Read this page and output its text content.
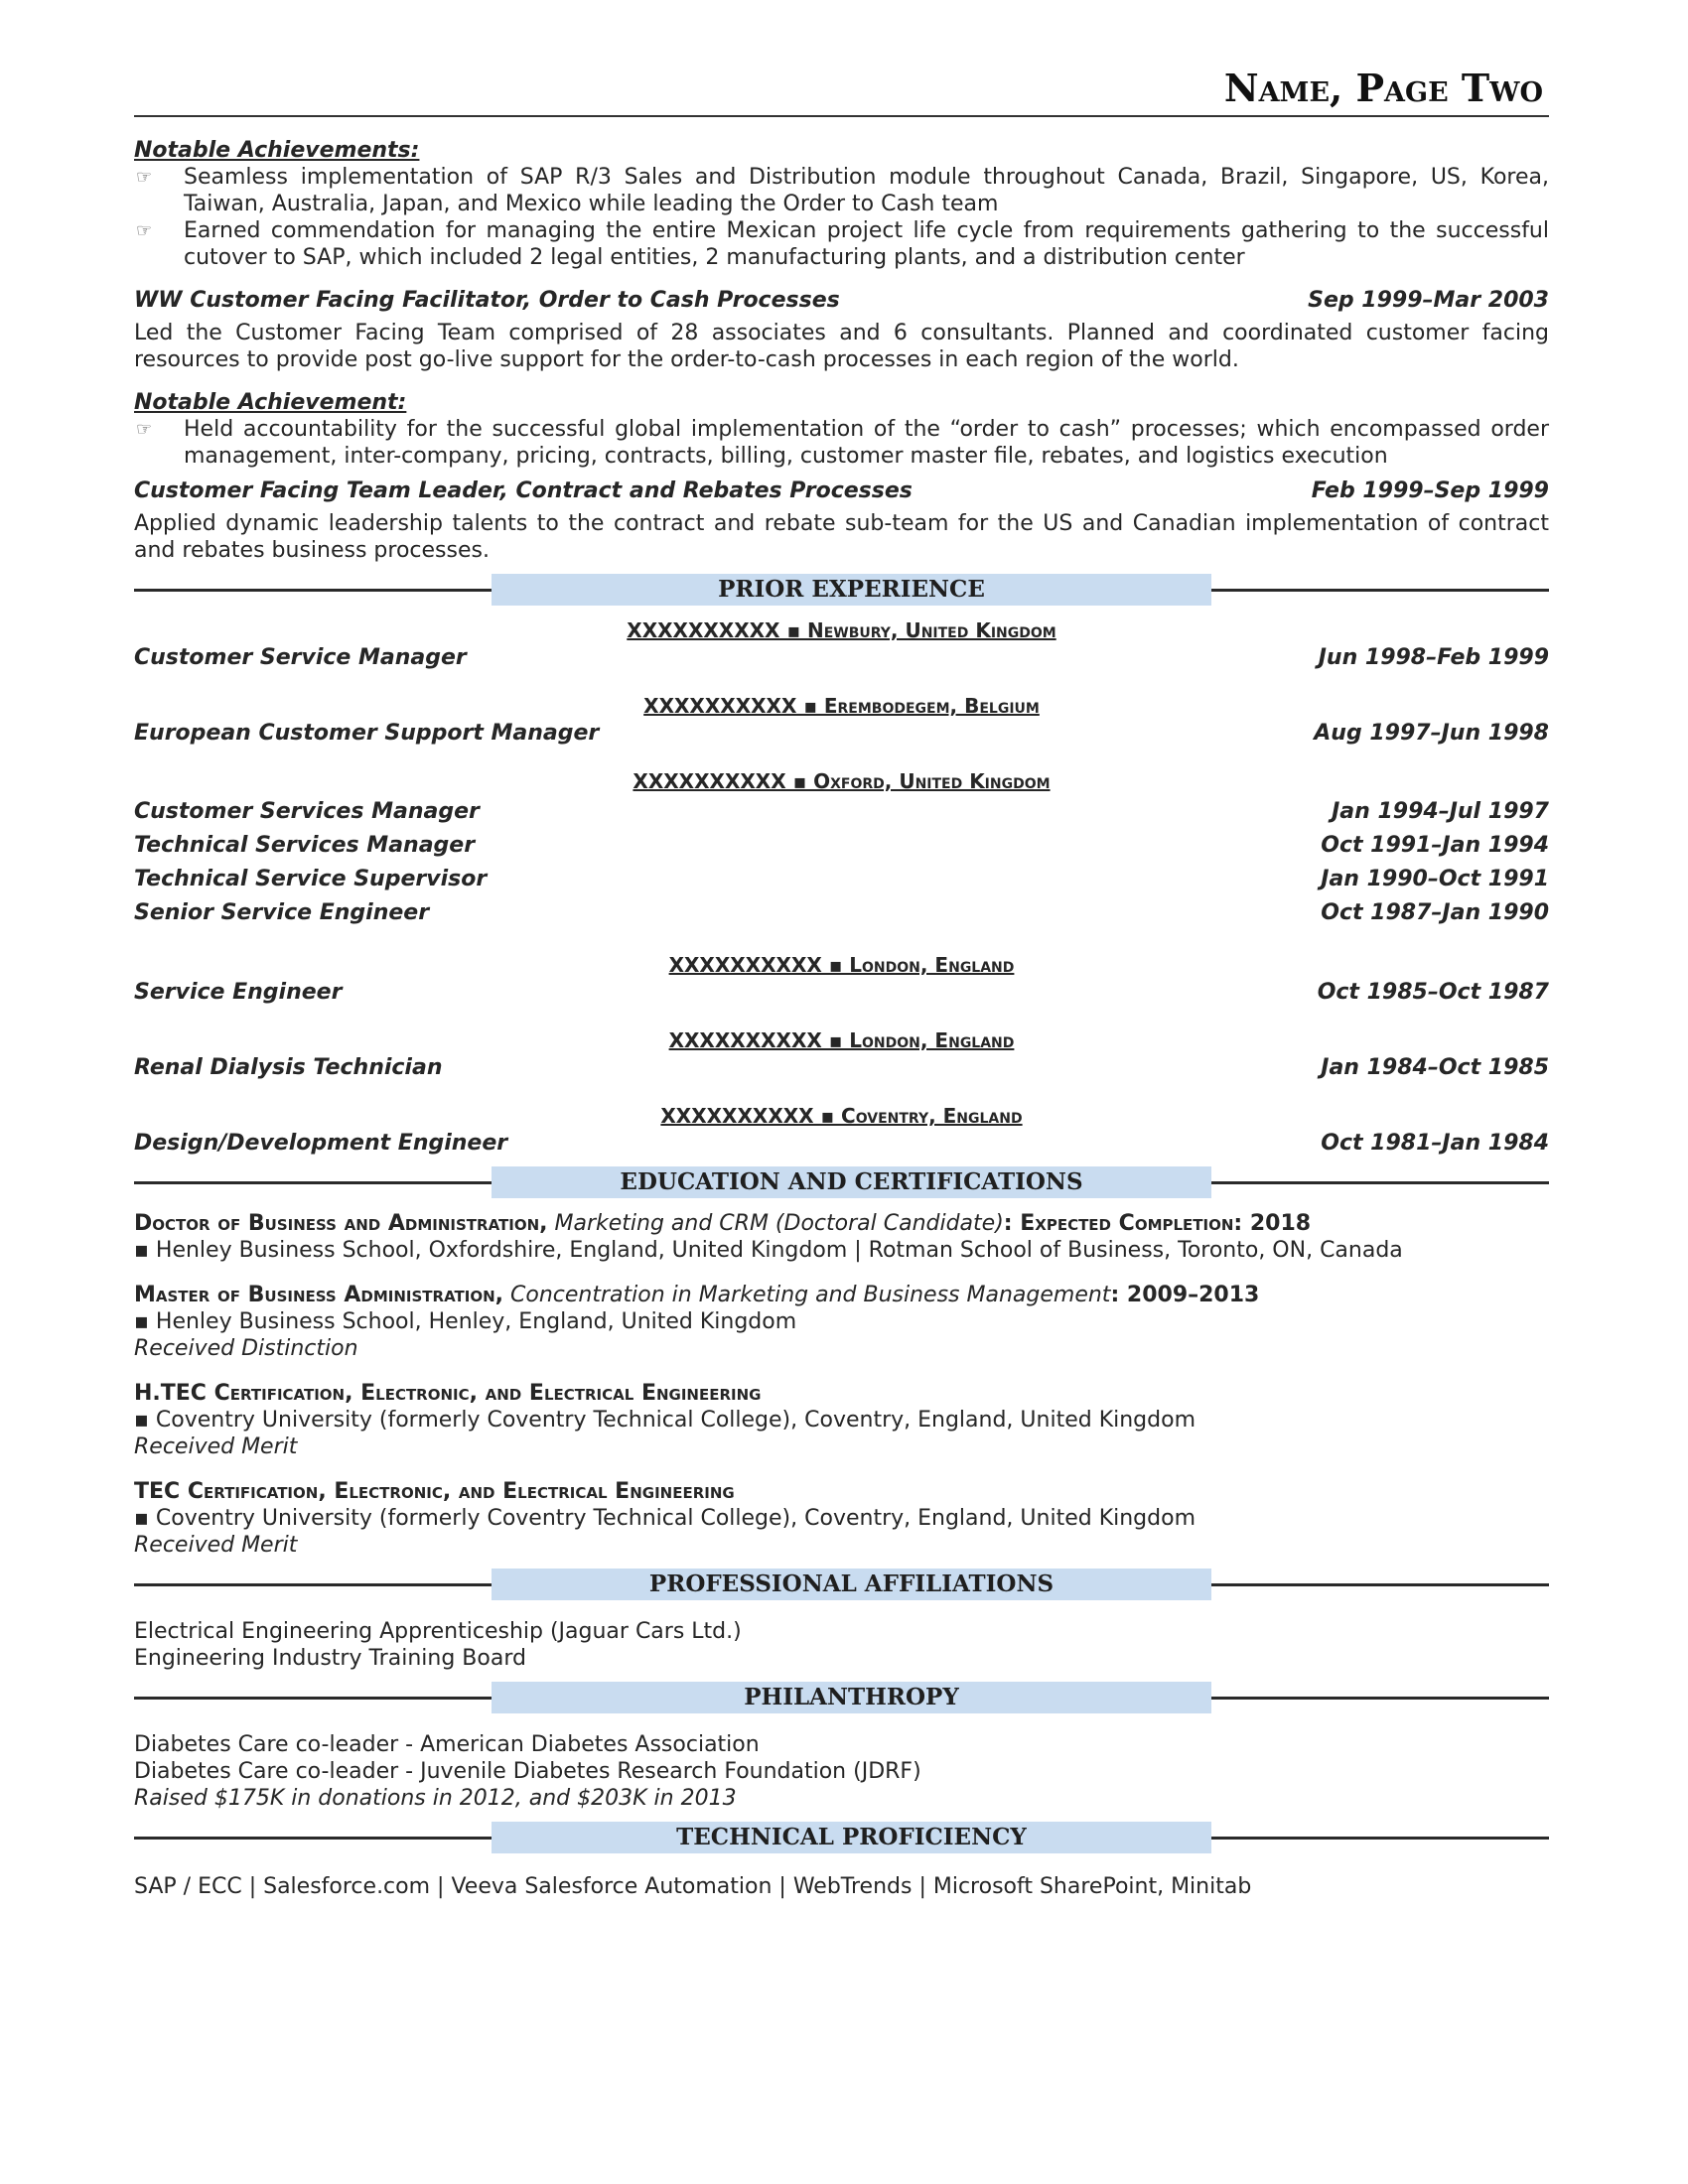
Name, Page Two
Notable Achievements:
☞ Seamless implementation of SAP R/3 Sales and Distribution module throughout Canada, Brazil, Singapore, US, Korea, Taiwan, Australia, Japan, and Mexico while leading the Order to Cash team
☞ Earned commendation for managing the entire Mexican project life cycle from requirements gathering to the successful cutover to SAP, which included 2 legal entities, 2 manufacturing plants, and a distribution center
WW Customer Facing Facilitator, Order to Cash Processes	Sep 1999–Mar 2003
Led the Customer Facing Team comprised of 28 associates and 6 consultants. Planned and coordinated customer facing resources to provide post go-live support for the order-to-cash processes in each region of the world.
Notable Achievement:
☞ Held accountability for the successful global implementation of the “order to cash” processes; which encompassed order management, inter-company, pricing, contracts, billing, customer master file, rebates, and logistics execution
Customer Facing Team Leader, Contract and Rebates Processes	Feb 1999–Sep 1999
Applied dynamic leadership talents to the contract and rebate sub-team for the US and Canadian implementation of contract and rebates business processes.
PRIOR EXPERIENCE
XXXXXXXXXX ▪ Newbury, United Kingdom
Customer Service Manager	Jun 1998–Feb 1999
XXXXXXXXXX ▪ Erembodegem, Belgium
European Customer Support Manager	Aug 1997–Jun 1998
XXXXXXXXXX ▪ Oxford, United Kingdom
Customer Services Manager	Jan 1994–Jul 1997
Technical Services Manager	Oct 1991–Jan 1994
Technical Service Supervisor	Jan 1990–Oct 1991
Senior Service Engineer	Oct 1987–Jan 1990
XXXXXXXXXX ▪ London, England
Service Engineer	Oct 1985–Oct 1987
XXXXXXXXXX ▪ London, England
Renal Dialysis Technician	Jan 1984–Oct 1985
XXXXXXXXXX ▪ Coventry, England
Design/Development Engineer	Oct 1981–Jan 1984
EDUCATION AND CERTIFICATIONS
Doctor of Business and Administration, Marketing and CRM (Doctoral Candidate): Expected Completion: 2018
▪ Henley Business School, Oxfordshire, England, United Kingdom | Rotman School of Business, Toronto, ON, Canada
Master of Business Administration, Concentration in Marketing and Business Management: 2009–2013
▪ Henley Business School, Henley, England, United Kingdom
Received Distinction
H.TEC Certification, Electronic, and Electrical Engineering
▪ Coventry University (formerly Coventry Technical College), Coventry, England, United Kingdom
Received Merit
TEC Certification, Electronic, and Electrical Engineering
▪ Coventry University (formerly Coventry Technical College), Coventry, England, United Kingdom
Received Merit
PROFESSIONAL AFFILIATIONS
Electrical Engineering Apprenticeship (Jaguar Cars Ltd.)
Engineering Industry Training Board
PHILANTHROPY
Diabetes Care co-leader - American Diabetes Association
Diabetes Care co-leader - Juvenile Diabetes Research Foundation (JDRF)
Raised $175K in donations in 2012, and $203K in 2013
TECHNICAL PROFICIENCY
SAP / ECC | Salesforce.com | Veeva Salesforce Automation | WebTrends | Microsoft SharePoint, Minitab
